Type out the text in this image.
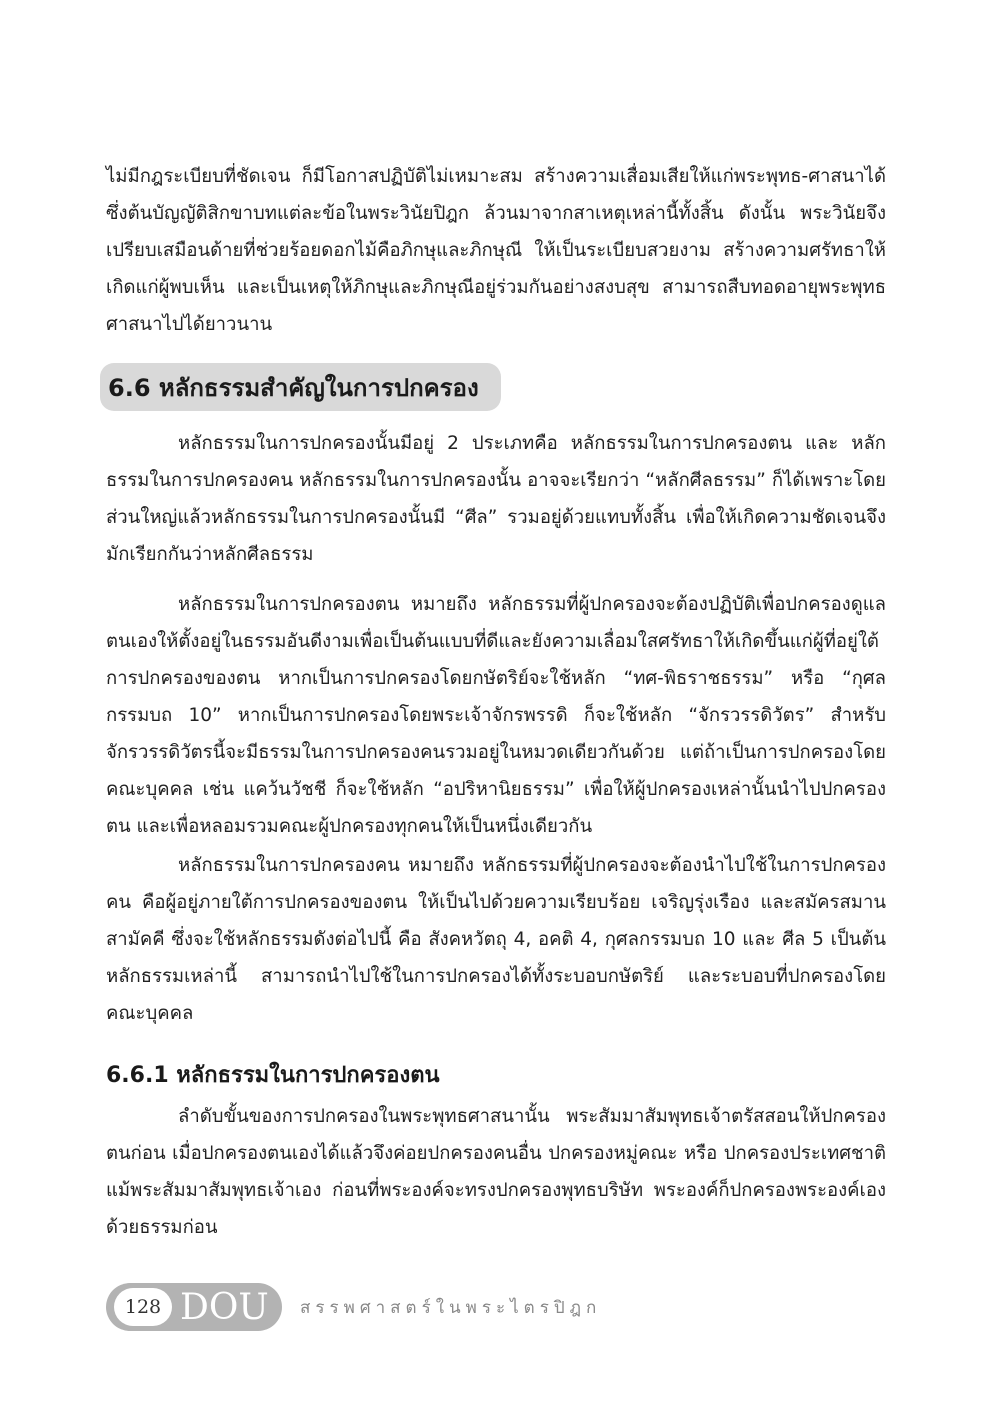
ไม่มีกฎระเบียบที่ชัดเจน ก็มีโอกาสปฏิบัติไม่เหมาะสม สร้างความเสื่อมเสียให้แก่พระพุทธ-ศาสนาได้ ซึ่งต้นบัญญัติสิกขาบทแต่ละข้อในพระวินัยปิฎก ล้วนมาจากสาเหตุเหล่านี้ทั้งสิ้น ดังนั้น พระวินัยจึงเปรียบเสมือนด้ายที่ช่วยร้อยดอกไม้คือภิกษุและภิกษุณี ให้เป็นระเบียบสวยงาม สร้างความศรัทธาให้เกิดแก่ผู้พบเห็น และเป็นเหตุให้ภิกษุและภิกษุณีอยู่ร่วมกันอย่างสงบสุข สามารถสืบทอดอายุพระพุทธศาสนาไปได้ยาวนาน

6.6 หลักธรรมสำคัญในการปกครอง

หลักธรรมในการปกครองนั้นมีอยู่ 2 ประเภทคือ หลักธรรมในการปกครองตน และ หลักธรรมในการปกครองคน หลักธรรมในการปกครองนั้น อาจจะเรียกว่า “หลักศีลธรรม” ก็ได้เพราะโดยส่วนใหญ่แล้วหลักธรรมในการปกครองนั้นมี “ศีล” รวมอยู่ด้วยแทบทั้งสิ้น เพื่อให้เกิดความชัดเจนจึงมักเรียกกันว่าหลักศีลธรรม

หลักธรรมในการปกครองตน หมายถึง หลักธรรมที่ผู้ปกครองจะต้องปฏิบัติเพื่อปกครองดูแลตนเองให้ตั้งอยู่ในธรรมอันดีงามเพื่อเป็นต้นแบบที่ดีและยังความเลื่อมใสศรัทธาให้เกิดขึ้นแก่ผู้ที่อยู่ใต้การปกครองของตน หากเป็นการปกครองโดยกษัตริย์จะใช้หลัก “ทศ-พิธราชธรรม” หรือ “กุศลกรรมบถ 10” หากเป็นการปกครองโดยพระเจ้าจักรพรรดิ ก็จะใช้หลัก “จักรวรรดิวัตร” สำหรับจักรวรรดิวัตรนี้จะมีธรรมในการปกครองคนรวมอยู่ในหมวดเดียวกันด้วย แต่ถ้าเป็นการปกครองโดยคณะบุคคล เช่น แคว้นวัชชี ก็จะใช้หลัก “อปริหานิยธรรม” เพื่อให้ผู้ปกครองเหล่านั้นนำไปปกครองตน และเพื่อหลอมรวมคณะผู้ปกครองทุกคนให้เป็นหนึ่งเดียวกัน

หลักธรรมในการปกครองคน หมายถึง หลักธรรมที่ผู้ปกครองจะต้องนำไปใช้ในการปกครองคน คือผู้อยู่ภายใต้การปกครองของตน ให้เป็นไปด้วยความเรียบร้อย เจริญรุ่งเรือง และสมัครสมานสามัคคี ซึ่งจะใช้หลักธรรมดังต่อไปนี้ คือ สังคหวัตถุ 4, อคติ 4, กุศลกรรมบถ 10 และ ศีล 5 เป็นต้น หลักธรรมเหล่านี้ สามารถนำไปใช้ในการปกครองได้ทั้งระบอบกษัตริย์ และระบอบที่ปกครองโดยคณะบุคคล

6.6.1 หลักธรรมในการปกครองตน

ลำดับขั้นของการปกครองในพระพุทธศาสนานั้น พระสัมมาสัมพุทธเจ้าตรัสสอนให้ปกครองตนก่อน เมื่อปกครองตนเองได้แล้วจึงค่อยปกครองคนอื่น ปกครองหมู่คณะ หรือ ปกครองประเทศชาติ แม้พระสัมมาสัมพุทธเจ้าเอง ก่อนที่พระองค์จะทรงปกครองพุทธบริษัท พระองค์ก็ปกครองพระองค์เองด้วยธรรมก่อน

128 DOU สรรพศาสตร์ในพระไตรปิฎก
